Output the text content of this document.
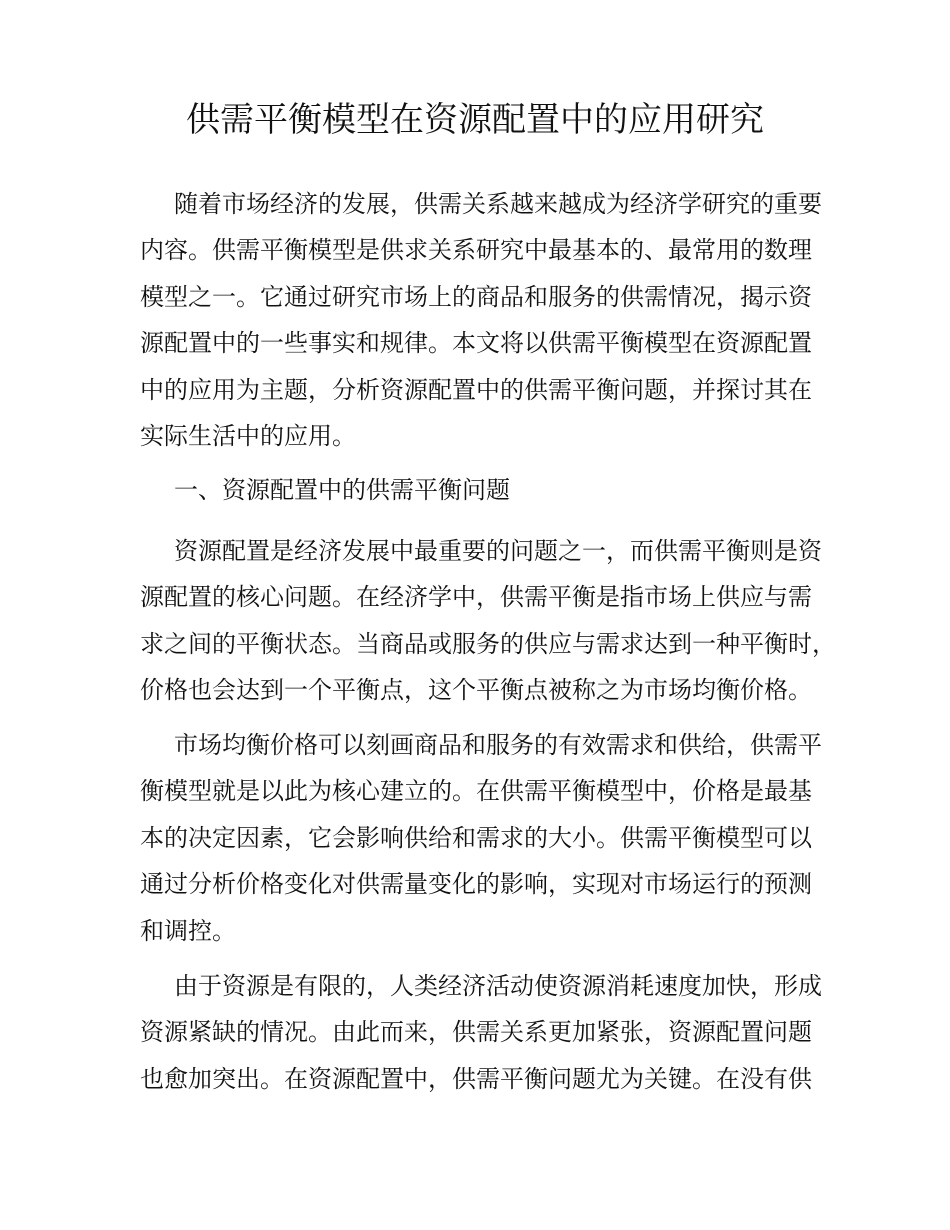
供需平衡模型在资源配置中的应用研究
随着市场经济的发展，供需关系越来越成为经济学研究的重要
内容。供需平衡模型是供求关系研究中最基本的、最常用的数理
模型之一。它通过研究市场上的商品和服务的供需情况，揭示资
源配置中的一些事实和规律。本文将以供需平衡模型在资源配置
中的应用为主题，分析资源配置中的供需平衡问题，并探讨其在
实际生活中的应用。
一、资源配置中的供需平衡问题
资源配置是经济发展中最重要的问题之一，而供需平衡则是资
源配置的核心问题。在经济学中，供需平衡是指市场上供应与需
求之间的平衡状态。当商品或服务的供应与需求达到一种平衡时，
价格也会达到一个平衡点，这个平衡点被称之为市场均衡价格。
市场均衡价格可以刻画商品和服务的有效需求和供给，供需平
衡模型就是以此为核心建立的。在供需平衡模型中，价格是最基
本的决定因素，它会影响供给和需求的大小。供需平衡模型可以
通过分析价格变化对供需量变化的影响，实现对市场运行的预测
和调控。
由于资源是有限的，人类经济活动使资源消耗速度加快，形成
资源紧缺的情况。由此而来，供需关系更加紧张，资源配置问题
也愈加突出。在资源配置中，供需平衡问题尤为关键。在没有供
